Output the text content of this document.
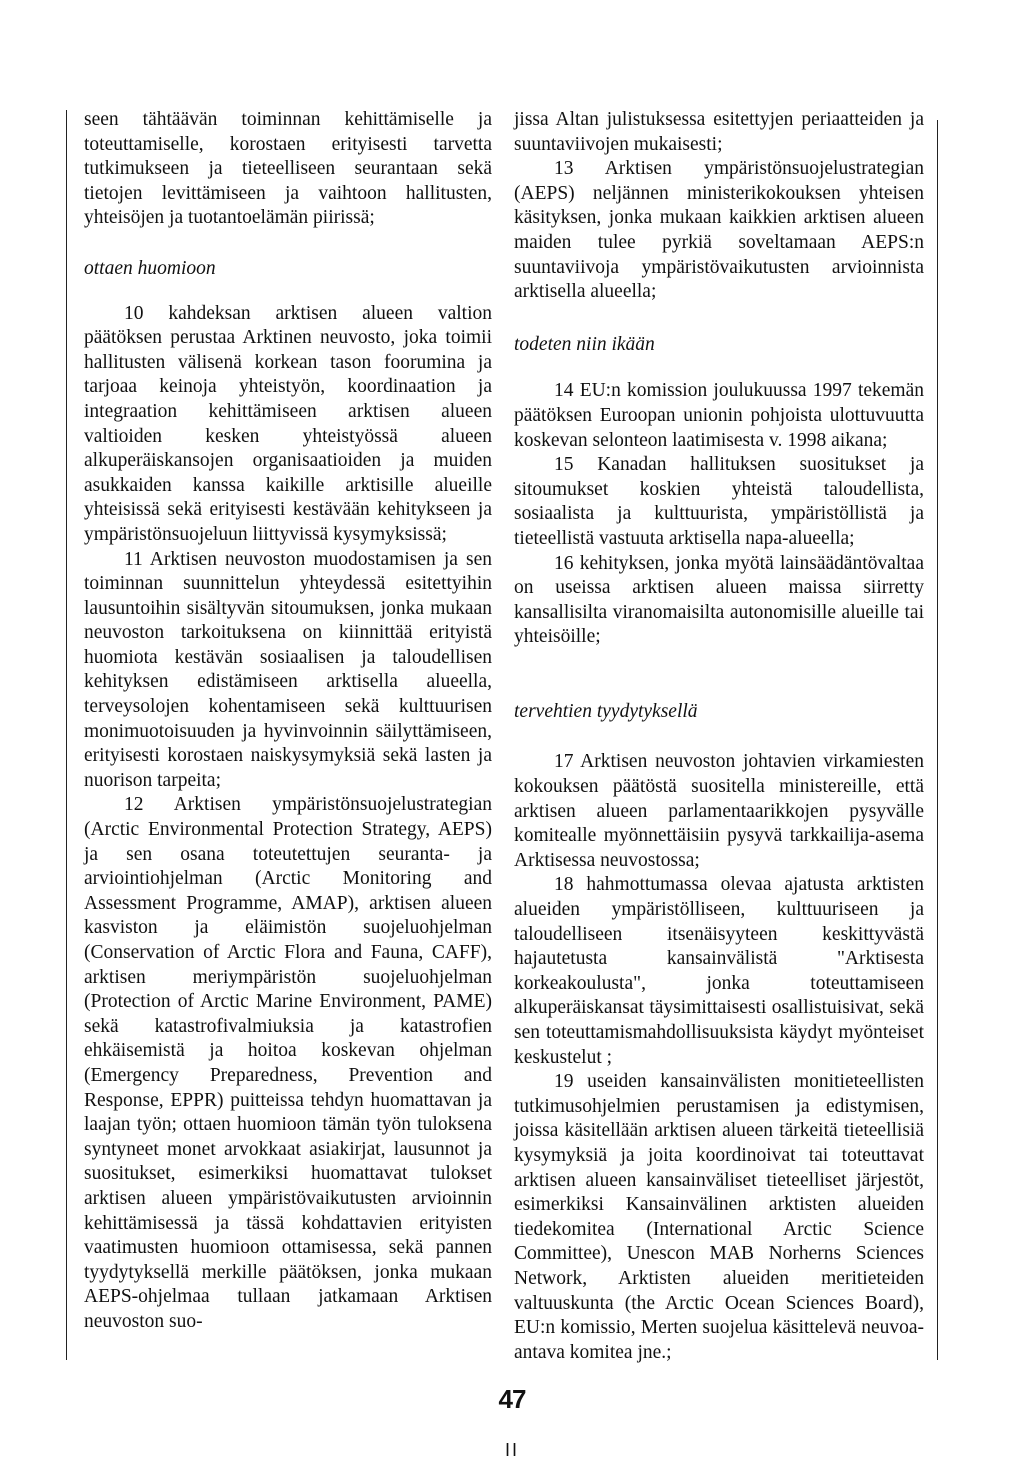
seen tähtäävän toiminnan kehittämiselle ja toteuttamiselle, korostaen erityisesti tarvetta tutkimukseen ja tieteelliseen seurantaan sekä tietojen levittämiseen ja vaihtoon hallitusten, yhteisöjen ja tuotantoelämän piirissä;

ottaen huomioon

10 kahdeksan arktisen alueen valtion päätöksen perustaa Arktinen neuvosto, joka toimii hallitusten välisenä korkean tason foorumina ja tarjoaa keinoja yhteistyön, koordinaation ja integraation kehittämiseen arktisen alueen valtioiden kesken yhteistyössä alueen alkuperäiskansojen organisaatioiden ja muiden asukkaiden kanssa kaikille arktisille alueille yhteisissä sekä erityisesti kestävään kehitykseen ja ympäristönsuojeluun liittyvissä kysymyksissä;

11 Arktisen neuvoston muodostamisen ja sen toiminnan suunnittelun yhteydessä esitettyihin lausuntoihin sisältyvän sitoumuksen, jonka mukaan neuvoston tarkoituksena on kiinnittää erityistä huomiota kestävän sosiaalisen ja taloudellisen kehityksen edistämiseen arktisella alueella, terveysolojen kohentamiseen sekä kulttuurisen monimuotoisuuden ja hyvinvoinnin säilyttämiseen, erityisesti korostaen naiskysymyksiä sekä lasten ja nuorison tarpeita;

12 Arktisen ympäristönsuojelustrategian (Arctic Environmental Protection Strategy, AEPS) ja sen osana toteutettujen seuranta- ja arviointiohjelman (Arctic Monitoring and Assessment Programme, AMAP), arktisen alueen kasviston ja eläimistön suojeluohjelman (Conservation of Arctic Flora and Fauna, CAFF), arktisen meriympäristön suojeluohjelman (Protection of Arctic Marine Environment, PAME) sekä katastrofivalmiuksia ja katastrofien ehkäisemistä ja hoitoa koskevan ohjelman (Emergency Preparedness, Prevention and Response, EPPR) puitteissa tehdyn huomattavan ja laajan työn; ottaen huomioon tämän työn tuloksena syntyneet monet arvokkaat asiakirjat, lausunnot ja suositukset, esimerkiksi huomattavat tulokset arktisen alueen ympäristövaikutusten arvioinnin kehittämisessä ja tässä kohdattavien erityisten vaatimusten huomioon ottamisessa, sekä pannen tyydytyksellä merkille päätöksen, jonka mukaan AEPS-ohjelmaa tullaan jatkamaan Arktisen neuvoston suo-

jissa Altan julistuksessa esitettyjen periaatteiden ja suuntaviivojen mukaisesti;

13 Arktisen ympäristönsuojelustrategian (AEPS) neljännen ministerikokouksen yhteisen käsityksen, jonka mukaan kaikkien arktisen alueen maiden tulee pyrkiä soveltamaan AEPS:n suuntaviivoja ympäristövaikutusten arvioinnista arktisella alueella;

todeten niin ikään

14 EU:n komission joulukuussa 1997 tekemän päätöksen Euroopan unionin pohjoista ulottuvuutta koskevan selonteon laatimisesta v. 1998 aikana;

15 Kanadan hallituksen suositukset ja sitoumukset koskien yhteistä taloudellista, sosiaalista ja kulttuurista, ympäristöllistä ja tieteellistä vastuuta arktisella napa-alueella;

16 kehityksen, jonka myötä lainsäädäntövaltaa on useissa arktisen alueen maissa siirretty kansallisilta viranomaisilta autonomisille alueille tai yhteisöille;

tervehtien tyydytyksellä

17 Arktisen neuvoston johtavien virkamiesten kokouksen päätöstä suositella ministereille, että arktisen alueen parlamentaarikkojen pysyvälle komitealle myönnettäisiin pysyvä tarkkailija-asema Arktisessa neuvostossa;

18 hahmottumassa olevaa ajatusta arktisten alueiden ympäristölliseen, kulttuuriseen ja taloudelliseen itsenäisyyteen keskittyvästä hajautetusta kansainvälistä "Arktisesta korkeakoulusta", jonka toteuttamiseen alkuperäiskansat täysimittaisesti osallistuisivat, sekä sen toteuttamismahdollisuuksista käydyt myönteiset keskustelut ;

19 useiden kansainvälisten monitieteellisten tutkimusohjelmien perustamisen ja edistymisen, joissa käsitellään arktisen alueen tärkeitä tieteellisiä kysymyksiä ja joita koordinoivat tai toteuttavat arktisen alueen kansainväliset tieteelliset järjestöt, esimerkiksi Kansainvälinen arktisten alueiden tiedekomitea (International Arctic Science Committee), Unescon MAB Norherns Sciences Network, Arktisten alueiden meritieteiden valtuuskunta (the Arctic Ocean Sciences Board), EU:n komissio, Merten suojelua käsittelevä neuvoa-antava komitea jne.;

47
II
